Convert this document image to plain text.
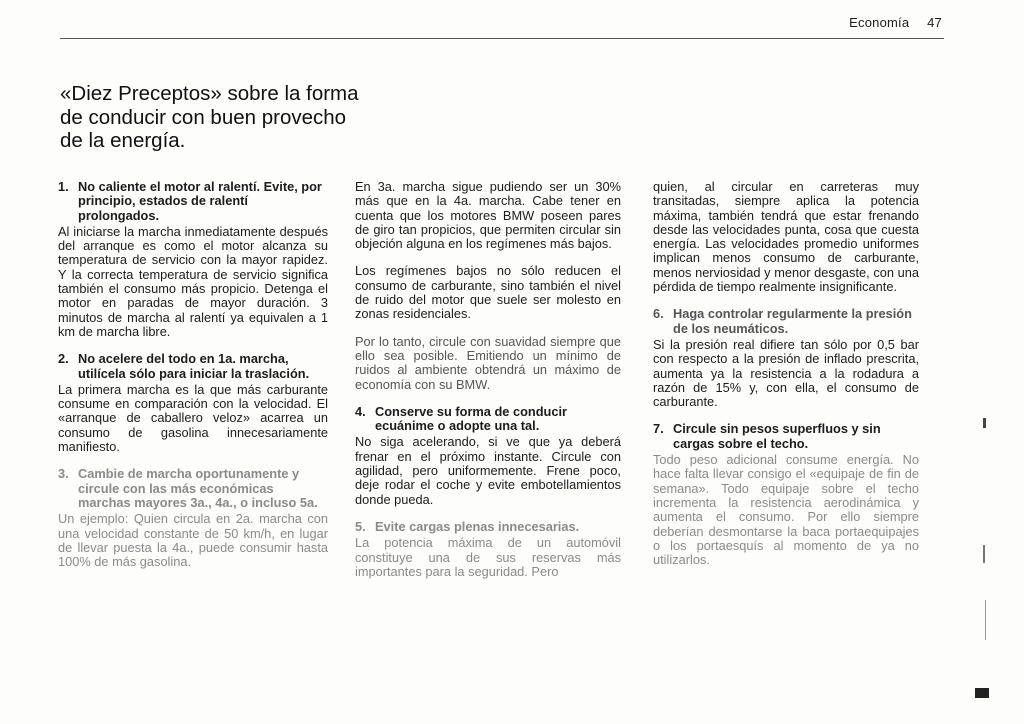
Economía 47
«Diez Preceptos» sobre la forma de conducir con buen provecho de la energía.
1. No caliente el motor al ralentí. Evite, por principio, estados de ralentí prolongados.

Al iniciarse la marcha inmediatamente después del arranque es como el motor alcanza su temperatura de servicio con la mayor rapidez. Y la correcta temperatura de servicio significa también el consumo más propicio. Detenga el motor en paradas de mayor duración. 3 minutos de marcha al ralentí ya equivalen a 1 km de marcha libre.

2. No acelere del todo en 1a. marcha, utilícela sólo para iniciar la traslación.

La primera marcha es la que más carburante consume en comparación con la velocidad. El «arranque de caballero veloz» acarrea un consumo de gasolina innecesariamente manifiesto.

3. Cambie de marcha oportunamente y circule con las más económicas marchas mayores 3a., 4a., o incluso 5a.

Un ejemplo: Quien circula en 2a. marcha con una velocidad constante de 50 km/h, en lugar de llevar puesta la 4a., puede consumir hasta 100% de más gasolina.

En 3a. marcha sigue pudiendo ser un 30% más que en la 4a. marcha. Cabe tener en cuenta que los motores BMW poseen pares de giro tan propicios, que permiten circular sin objeción alguna en los regímenes más bajos.

Los regímenes bajos no sólo reducen el consumo de carburante, sino también el nivel de ruido del motor que suele ser molesto en zonas residenciales.

Por lo tanto, circule con suavidad siempre que ello sea posible. Emitiendo un mínimo de ruidos al ambiente obtendrá un máximo de economía con su BMW.

4. Conserve su forma de conducir ecuánime o adopte una tal.

No siga acelerando, si ve que ya deberá frenar en el próximo instante. Circule con agilidad, pero uniformemente. Frene poco, deje rodar el coche y evite embotellamientos donde pueda.

5. Evite cargas plenas innecesarias.

La potencia máxima de un automóvil constituye una de sus reservas más importantes para la seguridad. Pero

quien, al circular en carreteras muy transitadas, siempre aplica la potencia máxima, también tendrá que estar frenando desde las velocidades punta, cosa que cuesta energía. Las velocidades promedio uniformes implican menos consumo de carburante, menos nerviosidad y menor desgaste, con una pérdida de tiempo realmente insignificante.

6. Haga controlar regularmente la presión de los neumáticos.

Si la presión real difiere tan sólo por 0,5 bar con respecto a la presión de inflado prescrita, aumenta ya la resistencia a la rodadura a razón de 15% y, con ella, el consumo de carburante.

7. Circule sin pesos superfluos y sin cargas sobre el techo.

Todo peso adicional consume energía. No hace falta llevar consigo el «equipaje de fin de semana». Todo equipaje sobre el techo incrementa la resistencia aerodinámica y aumenta el consumo. Por ello siempre deberían desmontarse la baca portaequipajes o los portaesquís al momento de ya no utilizarlos.
